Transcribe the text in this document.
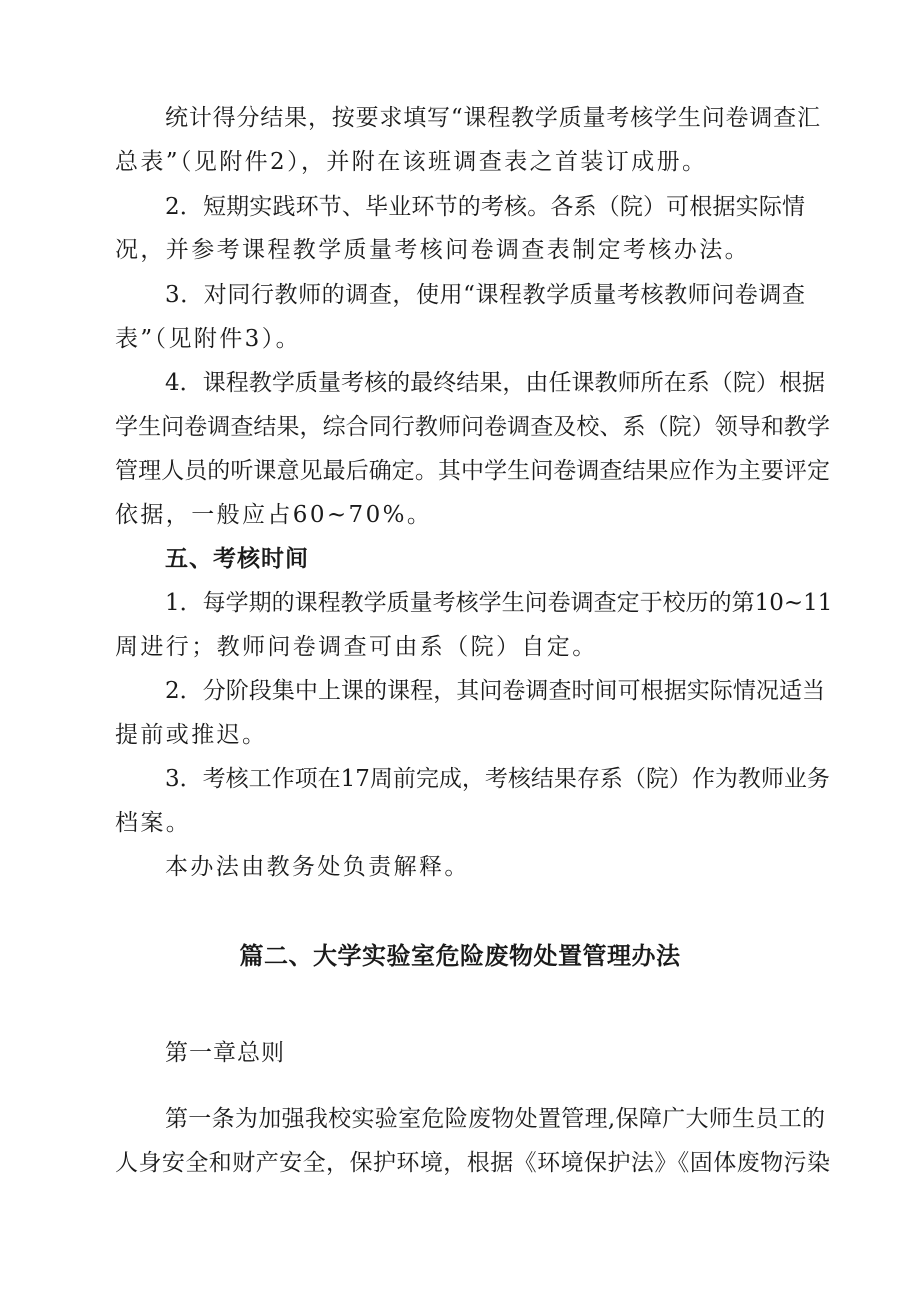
统计得分结果，按要求填写“课程教学质量考核学生问卷调查汇
总表”（见附件2），并附在该班调查表之首装订成册。
2．短期实践环节、毕业环节的考核。各系（院）可根据实际情
况，并参考课程教学质量考核问卷调查表制定考核办法。
3．对同行教师的调查，使用“课程教学质量考核教师问卷调查
表”（见附件3）。
4．课程教学质量考核的最终结果，由任课教师所在系（院）根据
学生问卷调查结果，综合同行教师问卷调查及校、系（院）领导和教学
管理人员的听课意见最后确定。其中学生问卷调查结果应作为主要评定
依据，一般应占60~70%。
五、考核时间
1．每学期的课程教学质量考核学生问卷调查定于校历的第10~11
周进行；教师问卷调查可由系（院）自定。
2．分阶段集中上课的课程，其问卷调查时间可根据实际情况适当
提前或推迟。
3．考核工作项在17周前完成，考核结果存系（院）作为教师业务
档案。
本办法由教务处负责解释。
篇二、大学实验室危险废物处置管理办法
第一章总则
第一条为加强我校实验室危险废物处置管理,保障广大师生员工的
人身安全和财产安全，保护环境，根据《环境保护法》《固体废物污染
